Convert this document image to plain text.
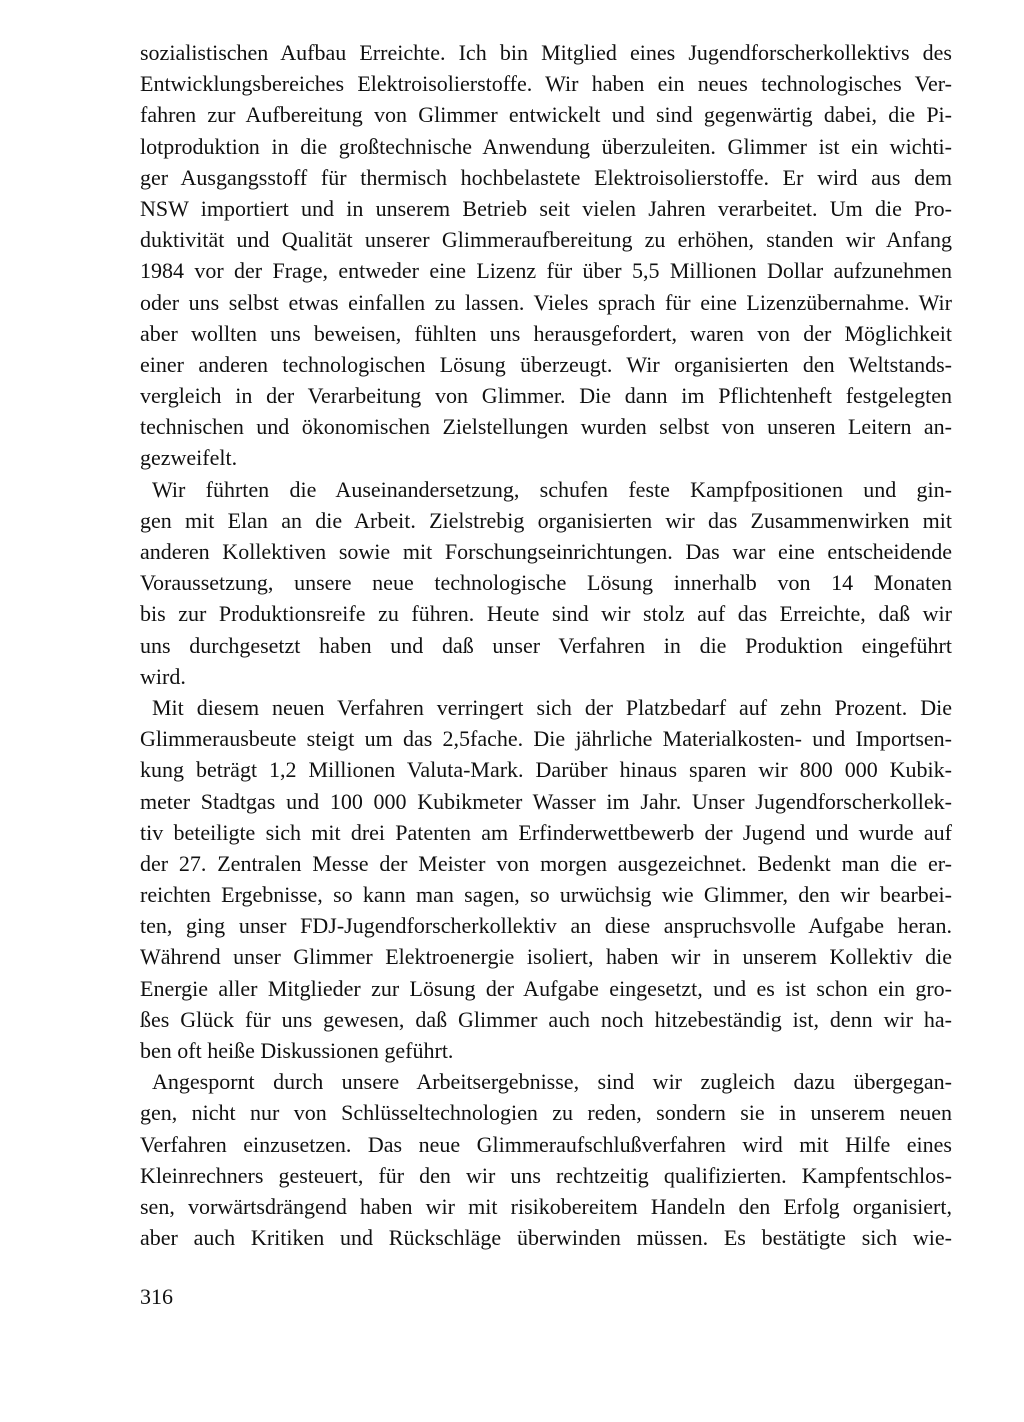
sozialistischen Aufbau Erreichte. Ich bin Mitglied eines Jugendforscherkollektivs des
Entwicklungsbereiches Elektroisolierstoffe. Wir haben ein neues technologisches Ver-
fahren zur Aufbereitung von Glimmer entwickelt und sind gegenwärtig dabei, die Pi-
lotproduktion in die großtechnische Anwendung überzuleiten. Glimmer ist ein wichti-
ger Ausgangsstoff für thermisch hochbelastete Elektroisolierstoffe. Er wird aus dem
NSW importiert und in unserem Betrieb seit vielen Jahren verarbeitet. Um die Pro-
duktivität und Qualität unserer Glimmeraufbereitung zu erhöhen, standen wir Anfang
1984 vor der Frage, entweder eine Lizenz für über 5,5 Millionen Dollar aufzunehmen
oder uns selbst etwas einfallen zu lassen. Vieles sprach für eine Lizenzübernahme. Wir
aber wollten uns beweisen, fühlten uns herausgefordert, waren von der Möglichkeit
einer anderen technologischen Lösung überzeugt. Wir organisierten den Weltstands-
vergleich in der Verarbeitung von Glimmer. Die dann im Pflichtenheft festgelegten
technischen und ökonomischen Zielstellungen wurden selbst von unseren Leitern an-
gezweifelt.
Wir führten die Auseinandersetzung, schufen feste Kampfpositionen und gin-
gen mit Elan an die Arbeit. Zielstrebig organisierten wir das Zusammenwirken mit
anderen Kollektiven sowie mit Forschungseinrichtungen. Das war eine entscheidende
Voraussetzung, unsere neue technologische Lösung innerhalb von 14 Monaten
bis zur Produktionsreife zu führen. Heute sind wir stolz auf das Erreichte, daß wir
uns durchgesetzt haben und daß unser Verfahren in die Produktion eingeführt
wird.
Mit diesem neuen Verfahren verringert sich der Platzbedarf auf zehn Prozent. Die
Glimmerausbeute steigt um das 2,5fache. Die jährliche Materialkosten- und Importsen-
kung beträgt 1,2 Millionen Valuta-Mark. Darüber hinaus sparen wir 800 000 Kubik-
meter Stadtgas und 100 000 Kubikmeter Wasser im Jahr. Unser Jugendforscherkollek-
tiv beteiligte sich mit drei Patenten am Erfinderwettbewerb der Jugend und wurde auf
der 27. Zentralen Messe der Meister von morgen ausgezeichnet. Bedenkt man die er-
reichten Ergebnisse, so kann man sagen, so urwüchsig wie Glimmer, den wir bearbei-
ten, ging unser FDJ-Jugendforscherkollektiv an diese anspruchsvolle Aufgabe heran.
Während unser Glimmer Elektroenergie isoliert, haben wir in unserem Kollektiv die
Energie aller Mitglieder zur Lösung der Aufgabe eingesetzt, und es ist schon ein gro-
ßes Glück für uns gewesen, daß Glimmer auch noch hitzebeständig ist, denn wir ha-
ben oft heiße Diskussionen geführt.
Angespornt durch unsere Arbeitsergebnisse, sind wir zugleich dazu übergegan-
gen, nicht nur von Schlüsseltechnologien zu reden, sondern sie in unserem neuen
Verfahren einzusetzen. Das neue Glimmeraufschlußverfahren wird mit Hilfe eines
Kleinrechners gesteuert, für den wir uns rechtzeitig qualifizierten. Kampfentschlos-
sen, vorwärtsdrängend haben wir mit risikobereitem Handeln den Erfolg organisiert,
aber auch Kritiken und Rückschläge überwinden müssen. Es bestätigte sich wie-
316
